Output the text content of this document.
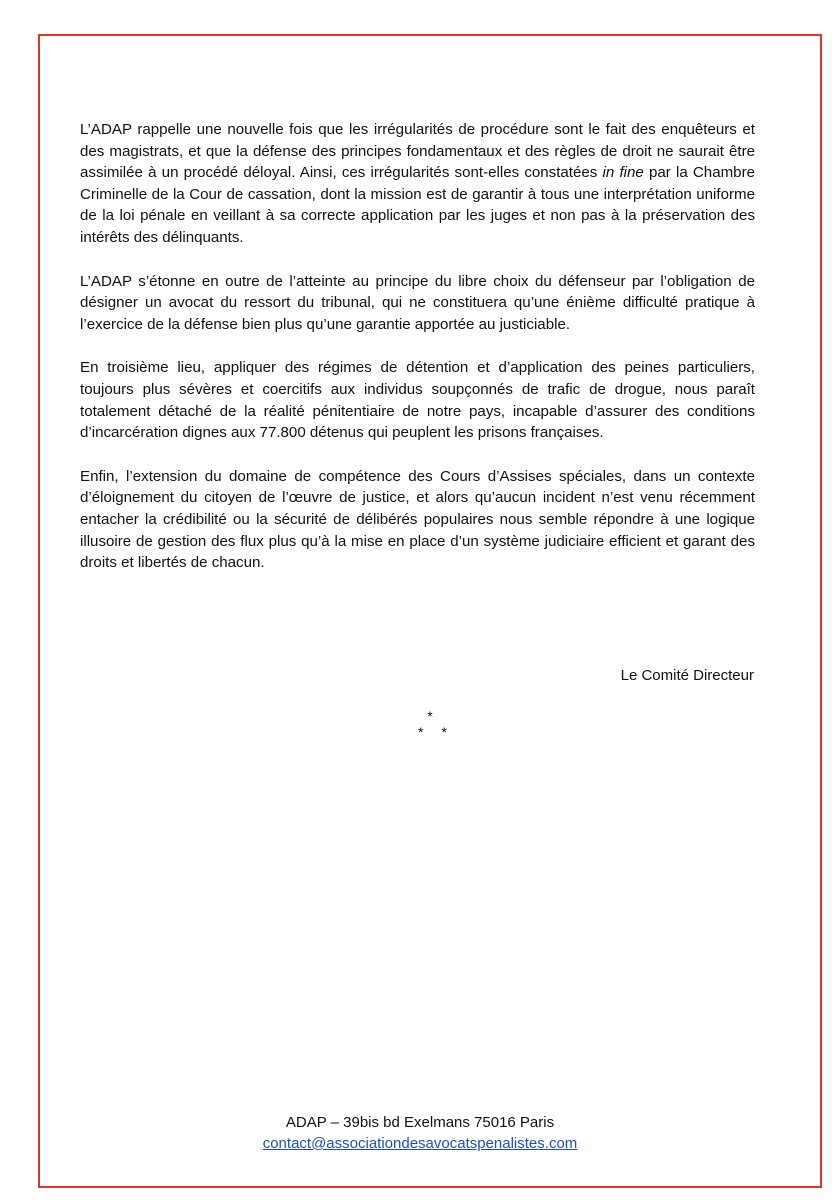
L’ADAP rappelle une nouvelle fois que les irrégularités de procédure sont le fait des enquêteurs et des magistrats, et que la défense des principes fondamentaux et des règles de droit ne saurait être assimilée à un procédé déloyal. Ainsi, ces irrégularités sont-elles constatées in fine par la Chambre Criminelle de la Cour de cassation, dont la mission est de garantir à tous une interprétation uniforme de la loi pénale en veillant à sa correcte application par les juges et non pas à la préservation des intérêts des délinquants.

L’ADAP s’étonne en outre de l’atteinte au principe du libre choix du défenseur par l’obligation de désigner un avocat du ressort du tribunal, qui ne constituera qu’une énième difficulté pratique à l’exercice de la défense bien plus qu’une garantie apportée au justiciable.

En troisième lieu, appliquer des régimes de détention et d’application des peines particuliers, toujours plus sévères et coercitifs aux individus soupçonnés de trafic de drogue, nous paraît totalement détaché de la réalité pénitentiaire de notre pays, incapable d’assurer des conditions d’incarcération dignes aux 77.800 détenus qui peuplent les prisons françaises.

Enfin, l’extension du domaine de compétence des Cours d’Assises spéciales, dans un contexte d’éloignement du citoyen de l’œuvre de justice, et alors qu’aucun incident n’est venu récemment entacher la crédibilité ou la sécurité de délibérés populaires nous semble répondre à une logique illusoire de gestion des flux plus qu’à la mise en place d’un système judiciaire efficient et garant des droits et libertés de chacun.

Le Comité Directeur
*
**
ADAP – 39bis bd Exelmans 75016 Paris
contact@associationdesavocatspenalistes.com
